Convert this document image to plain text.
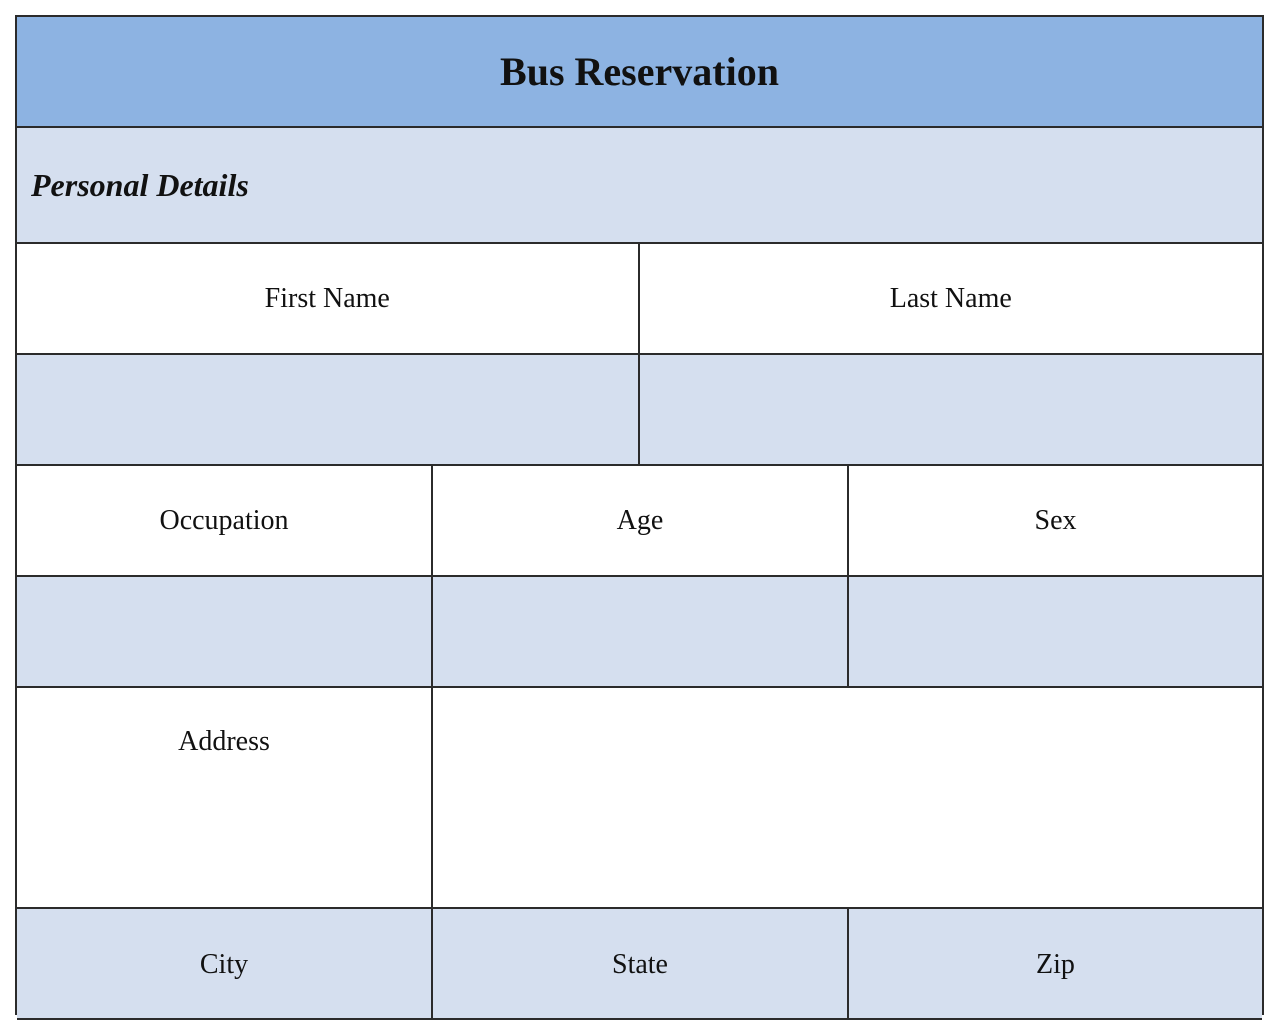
Bus Reservation
Personal Details
First Name	Last Name
Occupation	Age	Sex
Address
City	State	Zip
